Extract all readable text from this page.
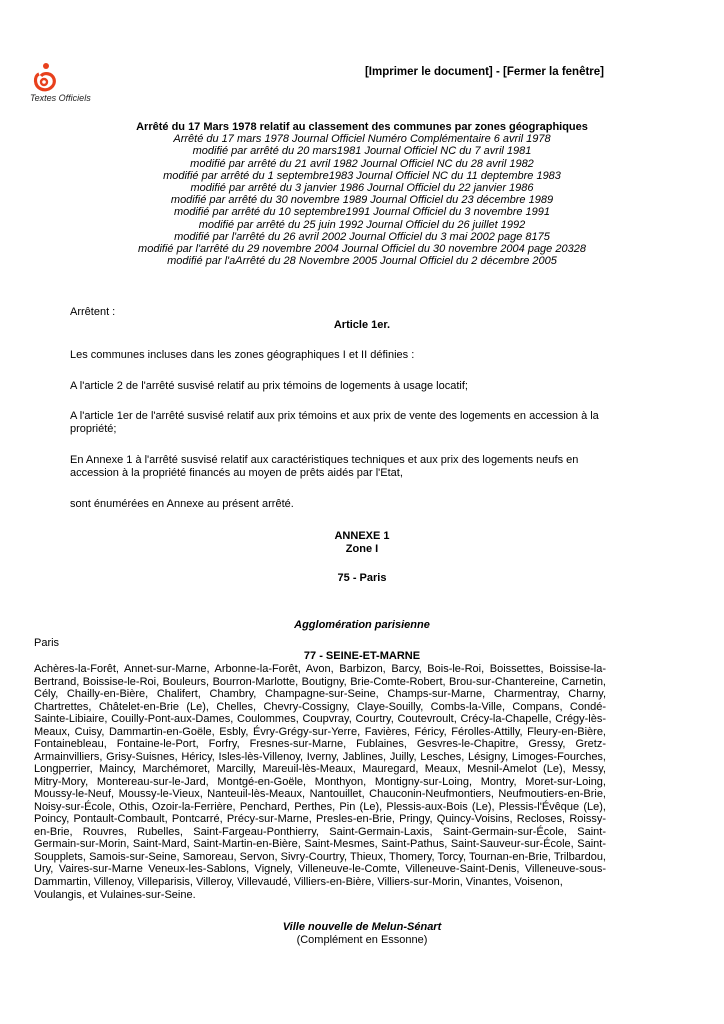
Textes Officiels
[Imprimer le document] - [Fermer la fenêtre]
Arrêté du 17 Mars 1978 relatif au classement des communes par zones géographiques
Arrêté du 17 mars 1978 Journal Officiel Numéro Complémentaire 6 avril 1978
modifié par arrêté du 20 mars1981 Journal Officiel NC du 7 avril 1981
modifié par arrêté du 21 avril 1982 Journal Officiel NC du 28 avril 1982
modifié par arrêté du 1 septembre1983 Journal Officiel NC du 11 deptembre 1983
modifié par arrêté du 3 janvier 1986 Journal Officiel du 22 janvier 1986
modifié par arrêté du 30 novembre 1989 Journal Officiel du 23 décembre 1989
modifié par arrêté du 10 septembre1991 Journal Officiel du 3 novembre 1991
modifié par arrêté du 25 juin 1992 Journal Officiel du 26 juillet 1992
modifié par l'arrêté du 26 avril 2002 Journal Officiel du 3 mai 2002 page 8175
modifié par l'arrêté du 29 novembre 2004 Journal Officiel du 30 novembre 2004 page 20328
modifié par l'aArrêté du 28 Novembre 2005 Journal Officiel du 2 décembre 2005
Arrêtent :
Article 1er.
Les communes incluses dans les zones géographiques I et II définies :
A l'article 2 de l'arrêté susvisé relatif au prix témoins de logements à usage locatif;
A l'article 1er de l'arrêté susvisé relatif aux prix témoins et aux prix de vente des logements en accession à la propriété;
En Annexe 1 à l'arrêté susvisé relatif aux caractéristiques techniques et aux prix des logements neufs en accession à la propriété financés au moyen de prêts aidés par l'Etat,
sont énumérées en Annexe au présent arrêté.
ANNEXE 1
Zone I
75 - Paris
Agglomération parisienne
Paris
77 - SEINE-ET-MARNE
Achères-la-Forêt, Annet-sur-Marne, Arbonne-la-Forêt, Avon, Barbizon, Barcy, Bois-le-Roi, Boissettes, Boissise-la-Bertrand, Boissise-le-Roi, Bouleurs, Bourron-Marlotte, Boutigny, Brie-Comte-Robert, Brou-sur-Chantereine, Carnetin, Cély, Chailly-en-Bière, Chalifert, Chambry, Champagne-sur-Seine, Champs-sur-Marne, Charmentray, Charny, Chartrettes, Châtelet-en-Brie (Le), Chelles, Chevry-Cossigny, Claye-Souilly, Combs-la-Ville, Compans, Condé-Sainte-Libiaire, Couilly-Pont-aux-Dames, Coulommes, Coupvray, Courtry, Coutevroult, Crécy-la-Chapelle, Crégy-lès-Meaux, Cuisy, Dammartin-en-Goële, Esbly, Évry-Grégy-sur-Yerre, Favières, Féricy, Férolles-Attilly, Fleury-en-Bière, Fontainebleau, Fontaine-le-Port, Forfry, Fresnes-sur-Marne, Fublaines, Gesvres-le-Chapitre, Gressy, Gretz-Armainvilliers, Grisy-Suisnes, Héricy, Isles-lès-Villenoy, Iverny, Jablines, Juilly, Lesches, Lésigny, Limoges-Fourches, Longperrier, Maincy, Marchémoret, Marcilly, Mareuil-lès-Meaux, Mauregard, Meaux, Mesnil-Amelot (Le), Messy, Mitry-Mory, Montereau-sur-le-Jard, Montgé-en-Goële, Monthyon, Montigny-sur-Loing, Montry, Moret-sur-Loing, Moussy-le-Neuf, Moussy-le-Vieux, Nanteuil-lès-Meaux, Nantouillet, Chauconin-Neufmontiers, Neufmoutiers-en-Brie, Noisy-sur-École, Othis, Ozoir-la-Ferrière, Penchard, Perthes, Pin (Le), Plessis-aux-Bois (Le), Plessis-l'Évêque (Le), Poincy, Pontault-Combault, Pontcarré, Précy-sur-Marne, Presles-en-Brie, Pringy, Quincy-Voisins, Recloses, Roissy-en-Brie, Rouvres, Rubelles, Saint-Fargeau-Ponthierry, Saint-Germain-Laxis, Saint-Germain-sur-École, Saint-Germain-sur-Morin, Saint-Mard, Saint-Martin-en-Bière, Saint-Mesmes, Saint-Pathus, Saint-Sauveur-sur-École, Saint-Soupplets, Samois-sur-Seine, Samoreau, Servon, Sivry-Courtry, Thieux, Thomery, Torcy, Tournan-en-Brie, Trilbardou, Ury, Vaires-sur-Marne Veneux-les-Sablons, Vignely, Villeneuve-le-Comte, Villeneuve-Saint-Denis, Villeneuve-sous-Dammartin, Villenoy, Villeparisis, Villeroy, Villevaudé, Villiers-en-Bière, Villiers-sur-Morin, Vinantes, Voisenon,
Voulangis, et Vulaines-sur-Seine.
Ville nouvelle de Melun-Sénart
(Complément en Essonne)
